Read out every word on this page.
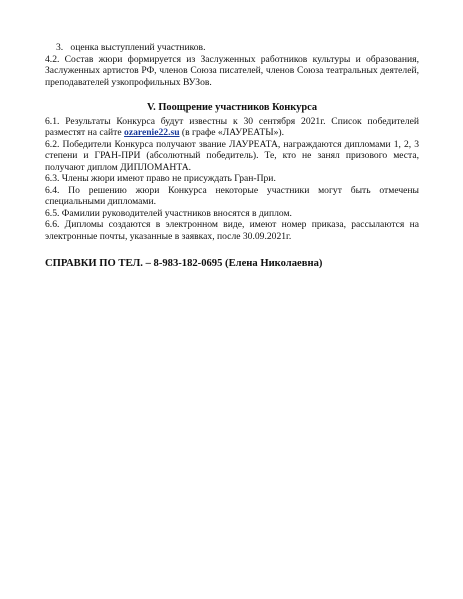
3. оценка выступлений участников.

4.2. Состав жюри формируется из Заслуженных работников культуры и образования, Заслуженных артистов РФ, членов Союза писателей, членов Союза театральных деятелей, преподавателей узкопрофильных ВУЗов.

V. Поощрение участников Конкурса

6.1. Результаты Конкурса будут известны к 30 сентября 2021г. Список победителей разместят на сайте ozarenie22.su (в графе «ЛАУРЕАТЫ»).

6.2. Победители Конкурса получают звание ЛАУРЕАТА, награждаются дипломами 1, 2, 3 степени и ГРАН-ПРИ (абсолютный победитель). Те, кто не занял призового места, получают диплом ДИПЛОМАНТА.

6.3. Члены жюри имеют право не присуждать Гран-При.

6.4. По решению жюри Конкурса некоторые участники могут быть отмечены специальными дипломами.

6.5. Фамилии руководителей участников вносятся в диплом.

6.6. Дипломы создаются в электронном виде, имеют номер приказа, рассылаются на электронные почты, указанные в заявках, после 30.09.2021г.

СПРАВКИ ПО ТЕЛ. – 8-983-182-0695 (Елена Николаевна)
